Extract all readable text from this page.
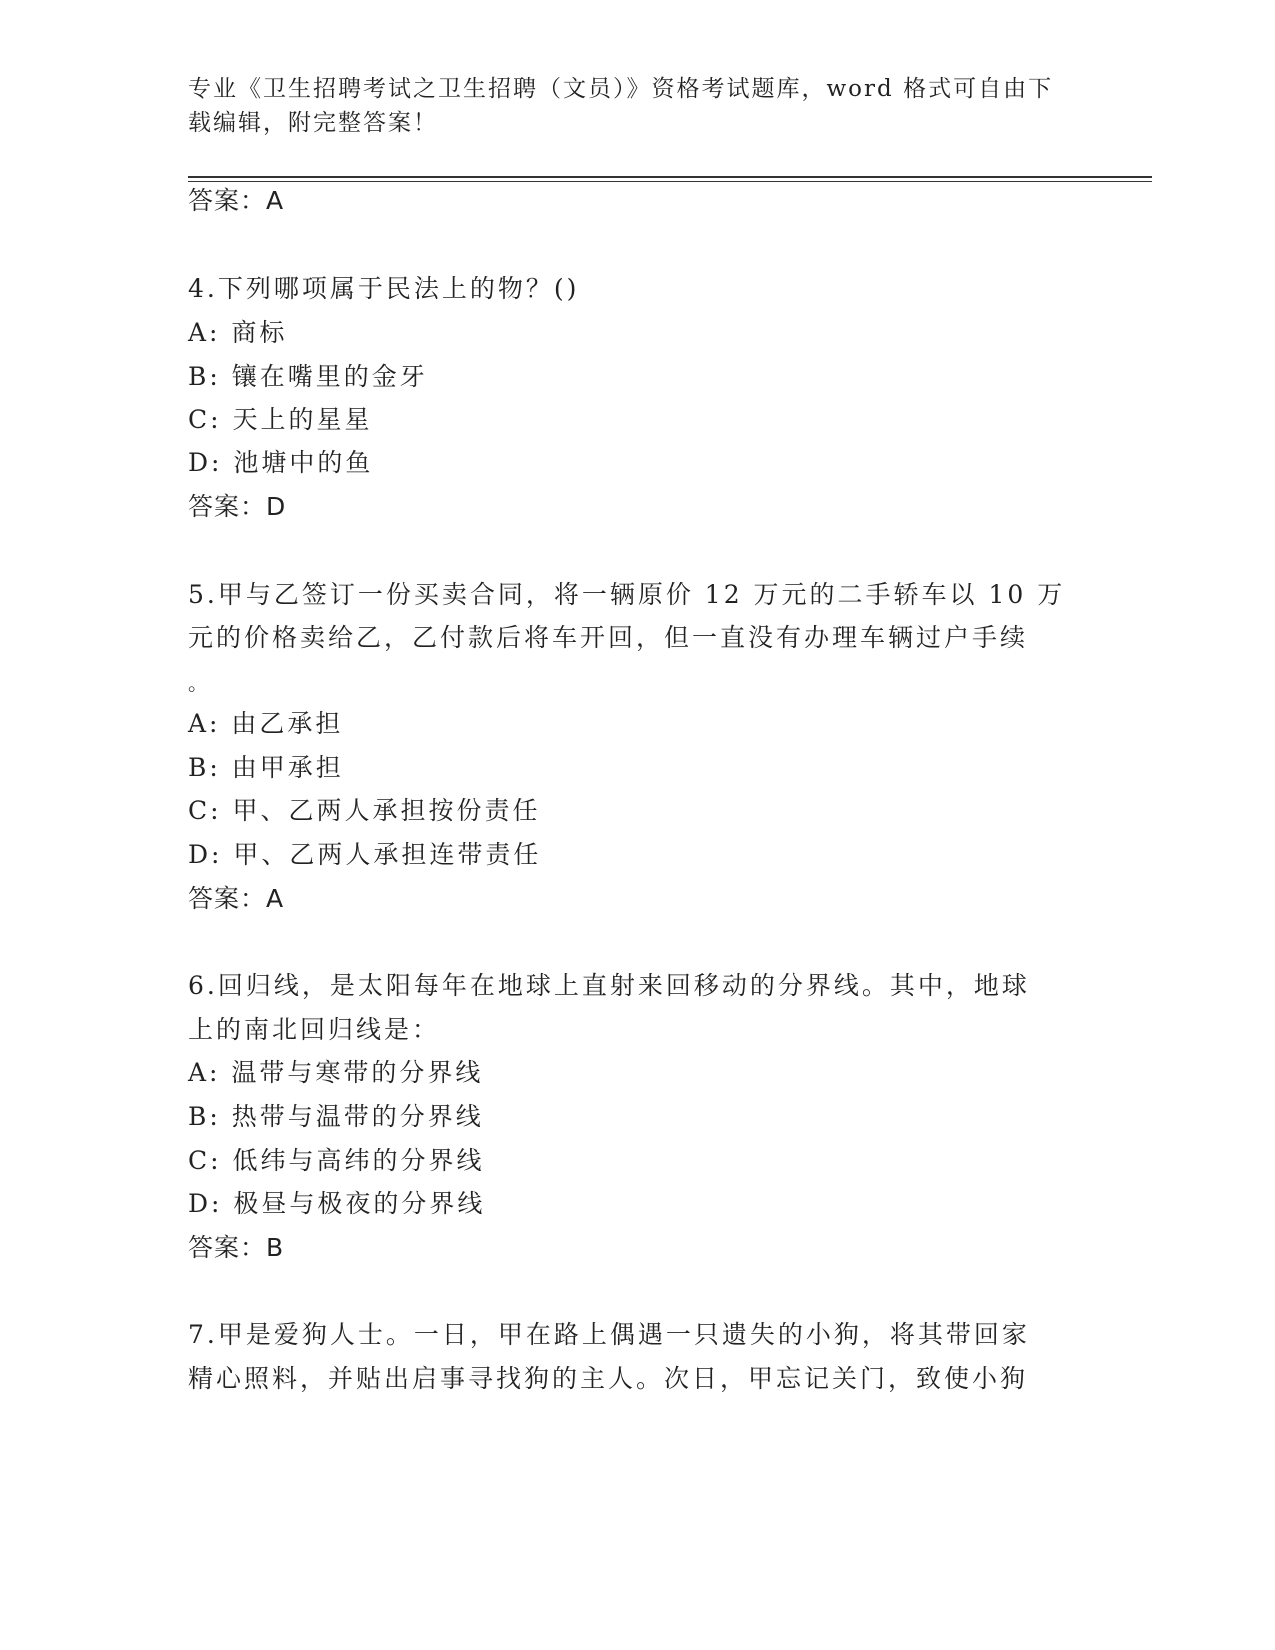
专业《卫生招聘考试之卫生招聘（文员）》资格考试题库，word 格式可自由下载编辑，附完整答案！
答案：A
4.下列哪项属于民法上的物？()
A: 商标
B: 镶在嘴里的金牙
C: 天上的星星
D: 池塘中的鱼
答案：D
5.甲与乙签订一份买卖合同，将一辆原价 12 万元的二手轿车以 10 万
元的价格卖给乙，乙付款后将车开回，但一直没有办理车辆过户手续
。
A: 由乙承担
B: 由甲承担
C: 甲、乙两人承担按份责任
D: 甲、乙两人承担连带责任
答案：A
6.回归线，是太阳每年在地球上直射来回移动的分界线。其中，地球
上的南北回归线是：
A: 温带与寒带的分界线
B: 热带与温带的分界线
C: 低纬与高纬的分界线
D: 极昼与极夜的分界线
答案：B
7.甲是爱狗人士。一日，甲在路上偶遇一只遗失的小狗，将其带回家
精心照料，并贴出启事寻找狗的主人。次日，甲忘记关门，致使小狗
